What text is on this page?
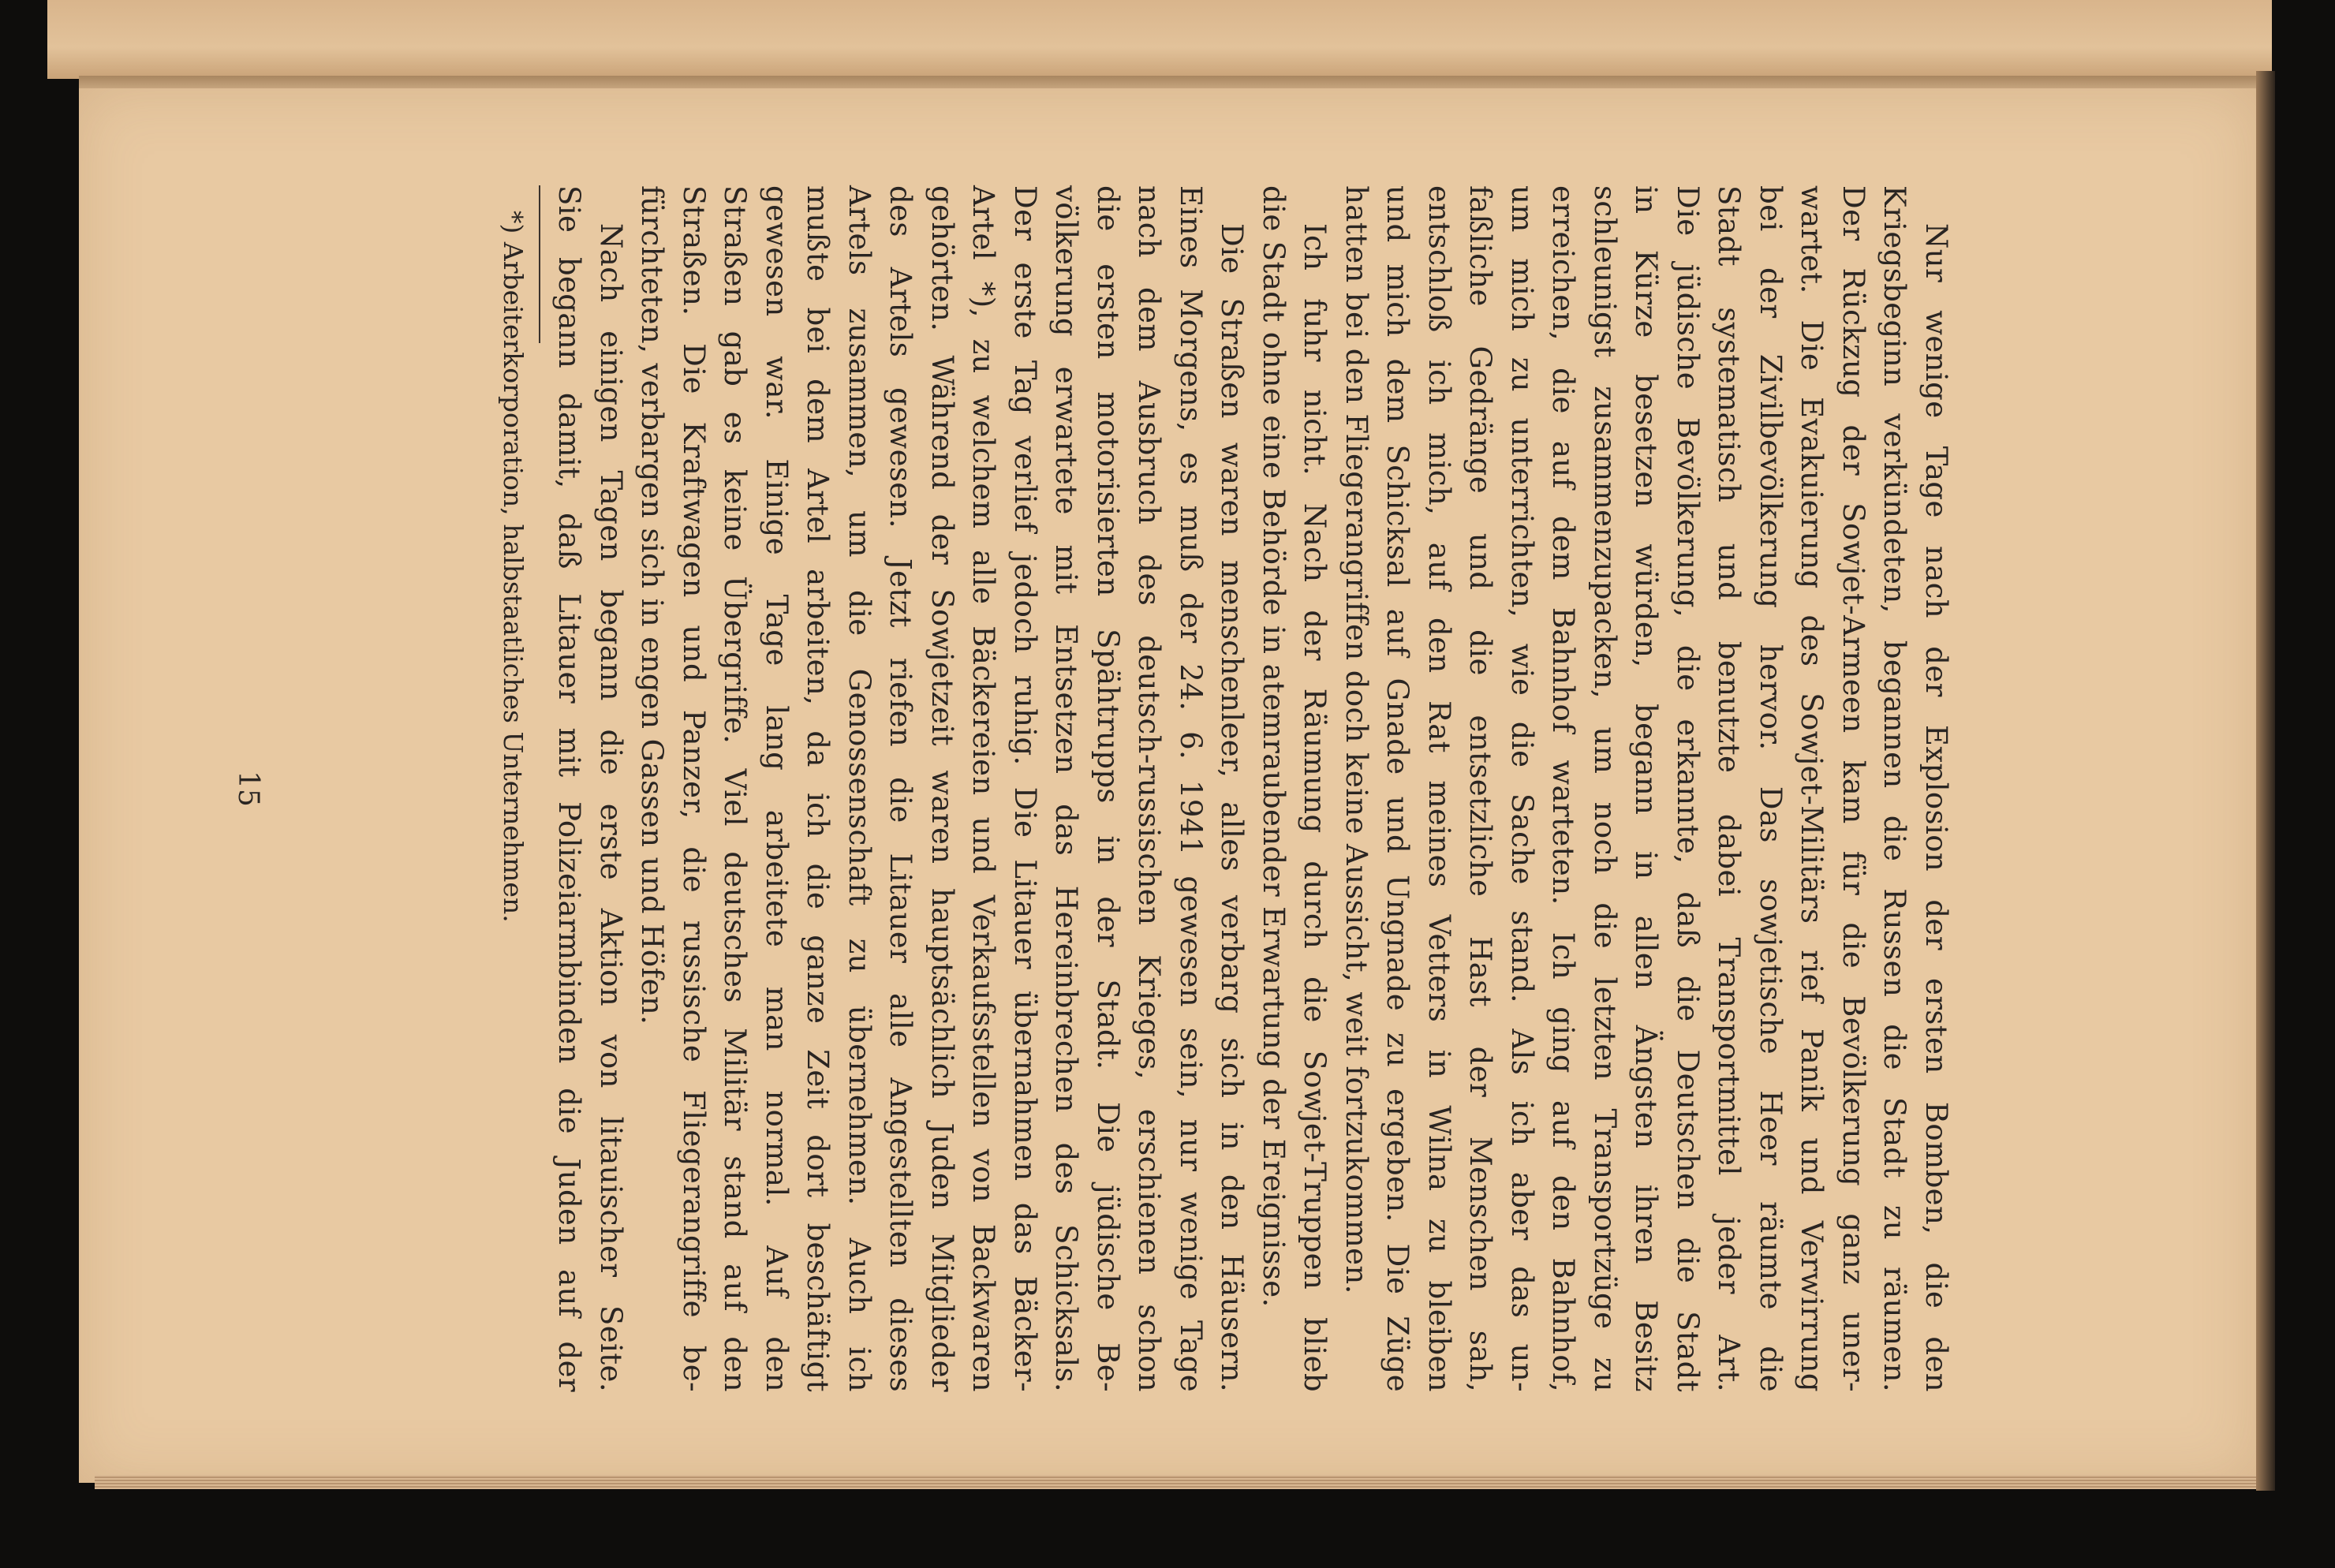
Nur wenige Tage nach der Explosion der ersten Bomben, die den
Kriegsbeginn verkündeten, begannen die Russen die Stadt zu räumen.
Der Rückzug der Sowjet-Armeen kam für die Bevölkerung ganz uner-
wartet. Die Evakuierung des Sowjet-Militärs rief Panik und Verwirrung
bei der Zivilbevölkerung hervor. Das sowjetische Heer räumte die
Stadt systematisch und benutzte dabei Transportmittel jeder Art.
Die jüdische Bevölkerung, die erkannte, daß die Deutschen die Stadt
in Kürze besetzen würden, begann in allen Ängsten ihren Besitz
schleunigst zusammenzupacken, um noch die letzten Transportzüge zu
erreichen, die auf dem Bahnhof warteten. Ich ging auf den Bahnhof,
um mich zu unterrichten, wie die Sache stand. Als ich aber das un-
faßliche Gedränge und die entsetzliche Hast der Menschen sah,
entschloß ich mich, auf den Rat meines Vetters in Wilna zu bleiben
und mich dem Schicksal auf Gnade und Ungnade zu ergeben. Die Züge
hatten bei den Fliegerangriffen doch keine Aussicht, weit fortzukommen.
Ich fuhr nicht. Nach der Räumung durch die Sowjet-Truppen blieb
die Stadt ohne eine Behörde in atemraubender Erwartung der Ereignisse.
Die Straßen waren menschenleer, alles verbarg sich in den Häusern.
Eines Morgens, es muß der 24. 6. 1941 gewesen sein, nur wenige Tage
nach dem Ausbruch des deutsch-russischen Krieges, erschienen schon
die ersten motorisierten Spähtrupps in der Stadt. Die jüdische Be-
völkerung erwartete mit Entsetzen das Hereinbrechen des Schicksals.
Der erste Tag verlief jedoch ruhig. Die Litauer übernahmen das Bäcker-
Artel *), zu welchem alle Bäckereien und Verkaufsstellen von Backwaren
gehörten. Während der Sowjetzeit waren hauptsächlich Juden Mitglieder
des Artels gewesen. Jetzt riefen die Litauer alle Angestellten dieses
Artels zusammen, um die Genossenschaft zu übernehmen. Auch ich
mußte bei dem Artel arbeiten, da ich die ganze Zeit dort beschäftigt
gewesen war. Einige Tage lang arbeitete man normal. Auf den
Straßen gab es keine Übergriffe. Viel deutsches Militär stand auf den
Straßen. Die Kraftwagen und Panzer, die russische Fliegerangriffe be-
fürchteten, verbargen sich in engen Gassen und Höfen.
Nach einigen Tagen begann die erste Aktion von litauischer Seite.
Sie begann damit, daß Litauer mit Polizeiarmbinden die Juden auf der
*) Arbeiterkorporation, halbstaatliches Unternehmen.
15
